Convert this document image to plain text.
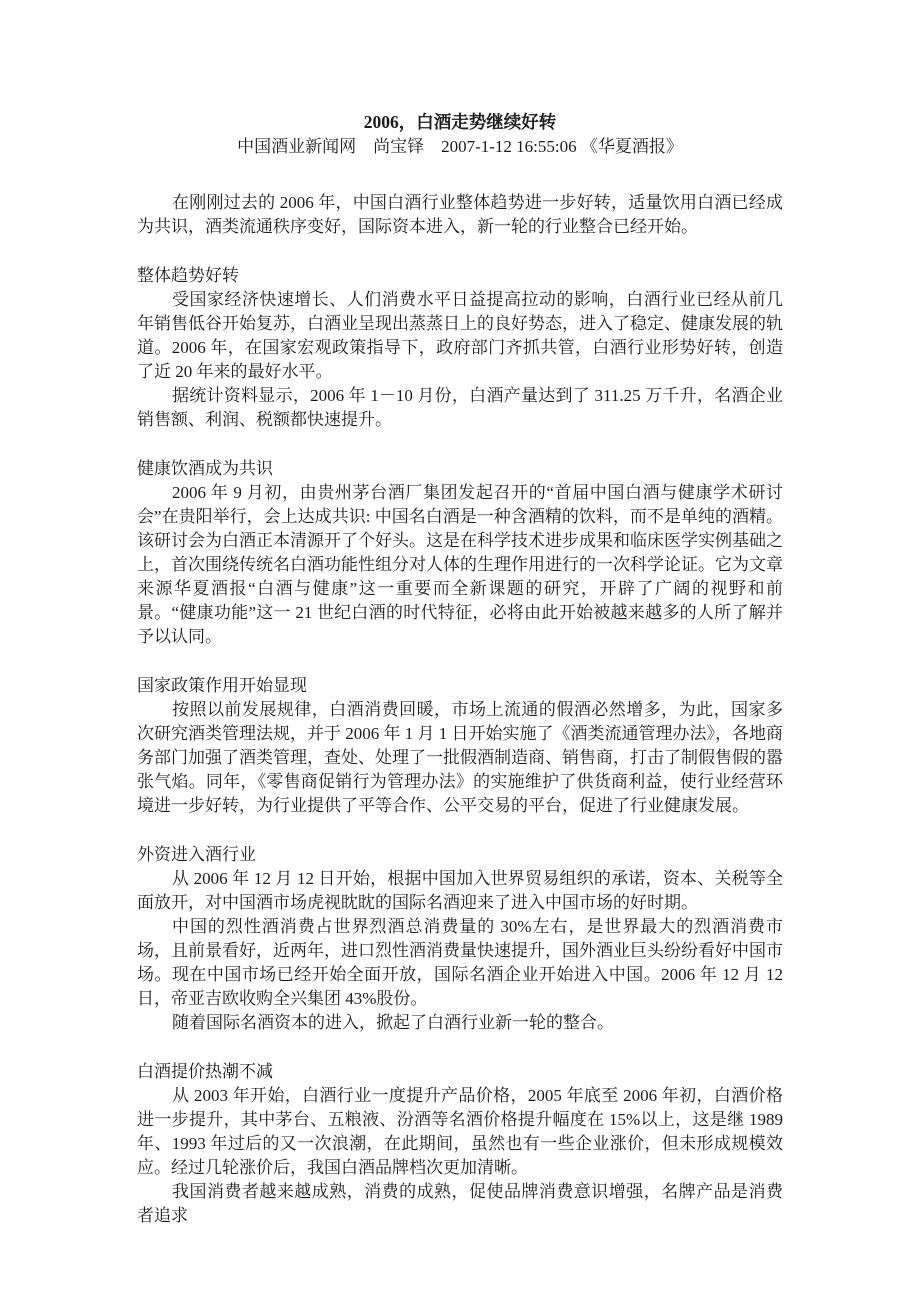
2006，白酒走势继续好转
中国酒业新闻网　尚宝铎　2007-1-12 16:55:06 《华夏酒报》

在刚刚过去的 2006 年，中国白酒行业整体趋势进一步好转，适量饮用白酒已经成为共识，酒类流通秩序变好，国际资本进入，新一轮的行业整合已经开始。

整体趋势好转

受国家经济快速增长、人们消费水平日益提高拉动的影响，白酒行业已经从前几年销售低谷开始复苏，白酒业呈现出蒸蒸日上的良好势态，进入了稳定、健康发展的轨道。2006 年，在国家宏观政策指导下，政府部门齐抓共管，白酒行业形势好转，创造了近 20 年来的最好水平。

据统计资料显示，2006 年 1－10 月份，白酒产量达到了 311.25 万千升，名酒企业销售额、利润、税额都快速提升。

健康饮酒成为共识

2006 年 9 月初，由贵州茅台酒厂集团发起召开的“首届中国白酒与健康学术研讨会”在贵阳举行，会上达成共识: 中国名白酒是一种含酒精的饮料，而不是单纯的酒精。该研讨会为白酒正本清源开了个好头。这是在科学技术进步成果和临床医学实例基础之上，首次围绕传统名白酒功能性组分对人体的生理作用进行的一次科学论证。它为文章来源华夏酒报“白酒与健康”这一重要而全新课题的研究，开辟了广阔的视野和前景。“健康功能”这一 21 世纪白酒的时代特征，必将由此开始被越来越多的人所了解并予以认同。

国家政策作用开始显现

按照以前发展规律，白酒消费回暖，市场上流通的假酒必然增多，为此，国家多次研究酒类管理法规，并于 2006 年 1 月 1 日开始实施了《酒类流通管理办法》，各地商务部门加强了酒类管理，查处、处理了一批假酒制造商、销售商，打击了制假售假的嚣张气焰。同年，《零售商促销行为管理办法》的实施维护了供货商利益，使行业经营环境进一步好转，为行业提供了平等合作、公平交易的平台，促进了行业健康发展。

外资进入酒行业

从 2006 年 12 月 12 日开始，根据中国加入世界贸易组织的承诺，资本、关税等全面放开，对中国酒市场虎视眈眈的国际名酒迎来了进入中国市场的好时期。

中国的烈性酒消费占世界烈酒总消费量的 30%左右，是世界最大的烈酒消费市场，且前景看好，近两年，进口烈性酒消费量快速提升，国外酒业巨头纷纷看好中国市场。现在中国市场已经开始全面开放，国际名酒企业开始进入中国。2006 年 12 月 12 日，帝亚吉欧收购全兴集团 43%股份。

随着国际名酒资本的进入，掀起了白酒行业新一轮的整合。

白酒提价热潮不减

从 2003 年开始，白酒行业一度提升产品价格，2005 年底至 2006 年初，白酒价格进一步提升，其中茅台、五粮液、汾酒等名酒价格提升幅度在 15%以上，这是继 1989 年、1993 年过后的又一次浪潮，在此期间，虽然也有一些企业涨价，但未形成规模效应。经过几轮涨价后，我国白酒品牌档次更加清晰。

我国消费者越来越成熟，消费的成熟，促使品牌消费意识增强，名牌产品是消费者追求
